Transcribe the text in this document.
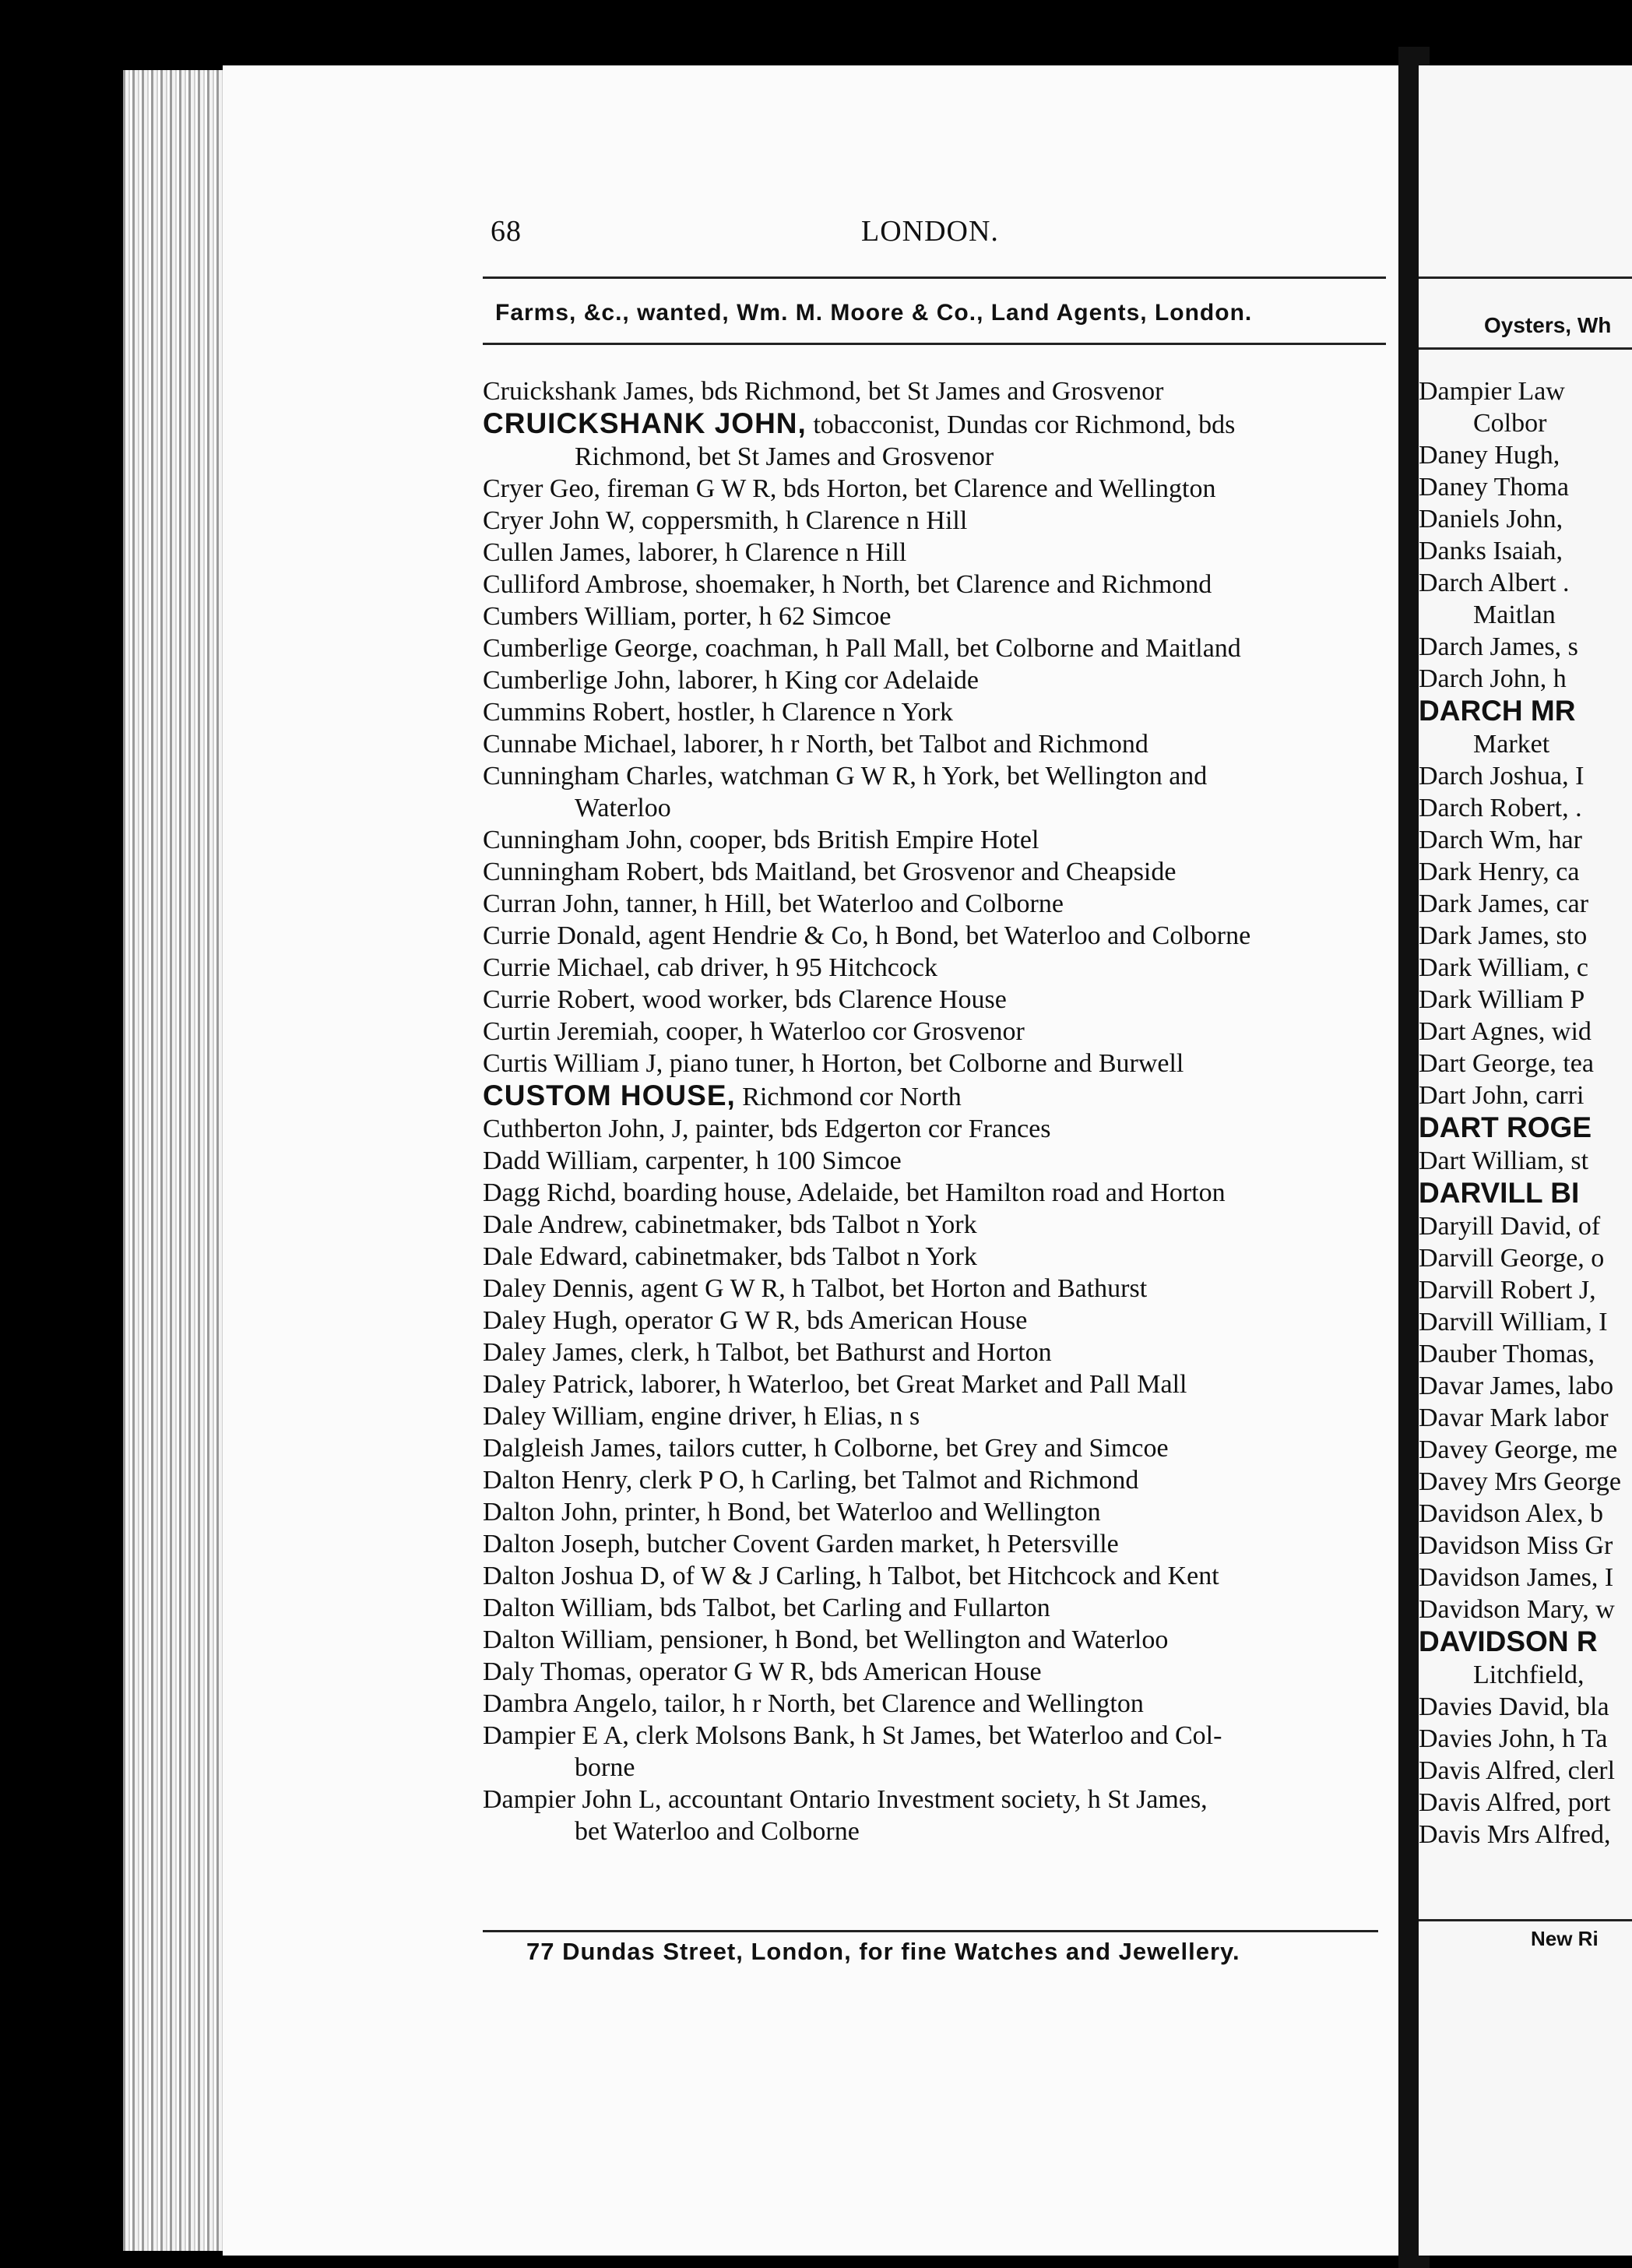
68	LONDON.
Farms, &c., wanted, Wm. M. Moore & Co., Land Agents, London.
Cruickshank James, bds Richmond, bet St James and Grosvenor
CRUICKSHANK JOHN, tobacconist, Dundas cor Richmond, bds
Richmond, bet St James and Grosvenor
Cryer Geo, fireman G W R, bds Horton, bet Clarence and Wellington
Cryer John W, coppersmith, h Clarence n Hill
Cullen James, laborer, h Clarence n Hill
Culliford Ambrose, shoemaker, h North, bet Clarence and Richmond
Cumbers William, porter, h 62 Simcoe
Cumberlige George, coachman, h Pall Mall, bet Colborne and Maitland
Cumberlige John, laborer, h King cor Adelaide
Cummins Robert, hostler, h Clarence n York
Cunnabe Michael, laborer, h r North, bet Talbot and Richmond
Cunningham Charles, watchman G W R, h York, bet Wellington and
Waterloo
Cunningham John, cooper, bds British Empire Hotel
Cunningham Robert, bds Maitland, bet Grosvenor and Cheapside
Curran John, tanner, h Hill, bet Waterloo and Colborne
Currie Donald, agent Hendrie & Co, h Bond, bet Waterloo and Colborne
Currie Michael, cab driver, h 95 Hitchcock
Currie Robert, wood worker, bds Clarence House
Curtin Jeremiah, cooper, h Waterloo cor Grosvenor
Curtis William J, piano tuner, h Horton, bet Colborne and Burwell
CUSTOM HOUSE, Richmond cor North
Cuthberton John, J, painter, bds Edgerton cor Frances
Dadd William, carpenter, h 100 Simcoe
Dagg Richd, boarding house, Adelaide, bet Hamilton road and Horton
Dale Andrew, cabinetmaker, bds Talbot n York
Dale Edward, cabinetmaker, bds Talbot n York
Daley Dennis, agent G W R, h Talbot, bet Horton and Bathurst
Daley Hugh, operator G W R, bds American House
Daley James, clerk, h Talbot, bet Bathurst and Horton
Daley Patrick, laborer, h Waterloo, bet Great Market and Pall Mall
Daley William, engine driver, h Elias, n s
Dalgleish James, tailors cutter, h Colborne, bet Grey and Simcoe
Dalton Henry, clerk P O, h Carling, bet Talmot and Richmond
Dalton John, printer, h Bond, bet Waterloo and Wellington
Dalton Joseph, butcher Covent Garden market, h Petersville
Dalton Joshua D, of W & J Carling, h Talbot, bet Hitchcock and Kent
Dalton William, bds Talbot, bet Carling and Fullarton
Dalton William, pensioner, h Bond, bet Wellington and Waterloo
Daly Thomas, operator G W R, bds American House
Dambra Angelo, tailor, h r North, bet Clarence and Wellington
Dampier E A, clerk Molsons Bank, h St James, bet Waterloo and Col-
borne
Dampier John L, accountant Ontario Investment society, h St James,
bet Waterloo and Colborne
77 Dundas Street, London, for fine Watches and Jewellery.
Oysters, Wh
Dampier Law
Colbor
Daney Hugh,
Daney Thoma
Daniels John,
Danks Isaiah,
Darch Albert .
Maitlan
Darch James, s
Darch John, h
DARCH MR
Market
Darch Joshua, I
Darch Robert, .
Darch Wm, har
Dark Henry, ca
Dark James, car
Dark James, sto
Dark William, c
Dark William P
Dart Agnes, wid
Dart George, tea
Dart John, carri
DART ROGE
Dart William, st
DARVILL BI
Daryill David, of
Darvill George, o
Darvill Robert J,
Darvill William, I
Dauber Thomas,
Davar James, labo
Davar Mark labor
Davey George, me
Davey Mrs George
Davidson Alex, b
Davidson Miss Gr
Davidson James, I
Davidson Mary, w
DAVIDSON R
Litchfield,
Davies David, bla
Davies John, h Ta
Davis Alfred, clerl
Davis Alfred, port
Davis Mrs Alfred,
New Ri
